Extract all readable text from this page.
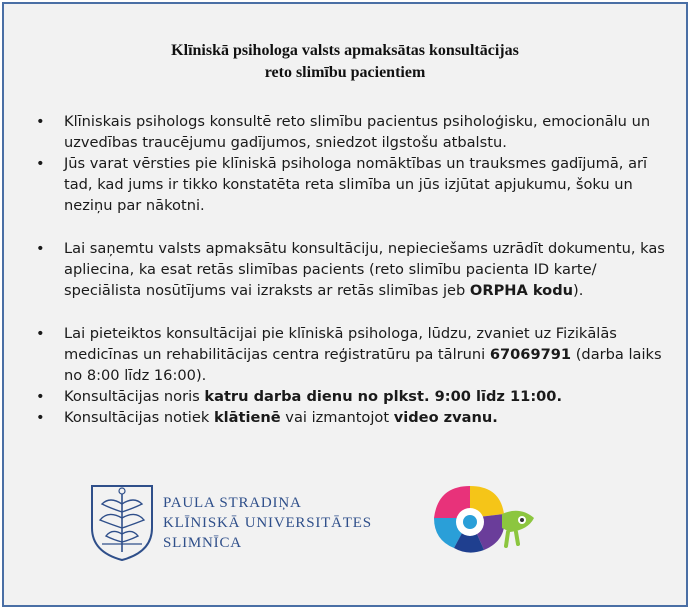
Klīniskā psihologa valsts apmaksātas konsultācijas
reto slimību pacientiem
• Klīniskais psihologs konsultē reto slimību pacientus psiholoģisku, emocionālu un uzvedības traucējumu gadījumos, sniedzot ilgstošu atbalstu.
• Jūs varat vērsties pie klīniskā psihologa nomāktības un trauksmes gadījumā, arī tad, kad jums ir tikko konstatēta reta slimība un jūs izjūtat apjukumu, šoku un neziņu par nākotni.
• Lai saņemtu valsts apmaksātu konsultāciju, nepieciešams uzrādīt dokumentu, kas apliecina, ka esat retās slimības pacients (reto slimību pacienta ID karte/ speciālista nosūtījums vai izraksts ar retās slimības jeb ORPHA kodu).
• Lai pieteiktos konsultācijai pie klīniskā psihologa, lūdzu, zvaniet uz Fizikālās medicīnas un rehabilitācijas centra reģistratūru pa tālruni 67069791 (darba laiks no 8:00 līdz 16:00).
• Konsultācijas noris katru darba dienu no plkst. 9:00 līdz 11:00.
• Konsultācijas notiek klātienē vai izmantojot video zvanu.
PAULA STRADIŅA
KLĪNISKĀ UNIVERSITĀTES
SLIMNĪCA
